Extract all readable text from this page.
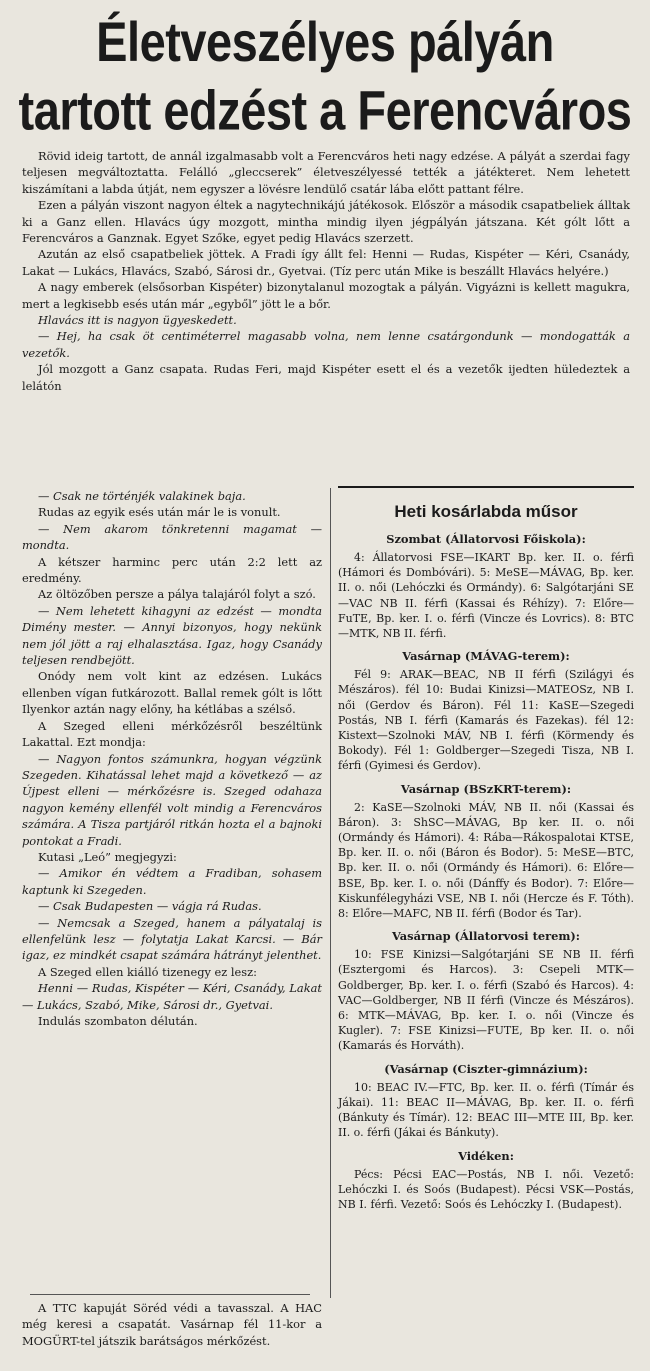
Életveszélyes pályán
tartott edzést a Ferencváros

Rövid ideig tartott, de annál izgalmasabb volt a Ferencváros heti nagy edzése. A pályát a szerdai fagy teljesen megváltoztatta. Felálló „gleccserek” életveszélyessé tették a játékteret. Nem lehetett kiszámítani a labda útját, nem egyszer a lövésre lendülő csatár lába előtt pattant félre.

Ezen a pályán viszont nagyon éltek a nagytechnikájú játékosok. Először a második csapatbeliek álltak ki a Ganz ellen. Hlavács úgy mozgott, mintha mindig ilyen jégpályán játszana. Két gólt lőtt a Ferencváros a Ganznak. Egyet Szőke, egyet pedig Hlavács szerzett.

Azután az első csapatbeliek jöttek. A Fradi így állt fel: Henni — Rudas, Kispéter — Kéri, Csanády, Lakat — Lukács, Hlavács, Szabó, Sárosi dr., Gyetvai. (Tíz perc után Mike is beszállt Hlavács helyére.)

A nagy emberek (elsősorban Kispéter) bizonytalanul mozogtak a pályán. Vigyázni is kellett magukra, mert a legkisebb esés után már „egyből” jött le a bőr.

Hlavács itt is nagyon ügyeskedett.

— Hej, ha csak öt centiméterrel magasabb volna, nem lenne csatárgondunk — mondogatták a vezetők.

Jól mozgott a Ganz csapata. Rudas Feri, majd Kispéter esett el és a vezetők ijedten hüledeztek a lelátón

— Csak ne történjék valakinek baja.

Rudas az egyik esés után már le is vonult.

— Nem akarom tönkretenni magamat — mondta.

A kétszer harminc perc után 2:2 lett az eredmény.

Az öltözőben persze a pálya talajáról folyt a szó.

— Nem lehetett kihagyni az edzést — mondta Dimény mester. — Annyi bizonyos, hogy nekünk nem jól jött a raj elhalasztása. Igaz, hogy Csanády teljesen rendbejött.

Onódy nem volt kint az edzésen. Lukács ellenben vígan futkározott. Ballal remek gólt is lőtt Ilyenkor aztán nagy előny, ha kétlábas a szélső.

A Szeged elleni mérkőzésről beszéltünk Lakattal. Ezt mondja:

— Nagyon fontos számunkra, hogyan végzünk Szegeden. Kihatással lehet majd a következő — az Újpest elleni — mérkőzésre is. Szeged odahaza nagyon kemény ellenfél volt mindig a Ferencváros számára. A Tisza partjáról ritkán hozta el a bajnoki pontokat a Fradi.

Kutasi „Leó” megjegyzi:

— Amikor én védtem a Fradiban, sohasem kaptunk ki Szegeden.

— Csak Budapesten — vágja rá Rudas.

— Nemcsak a Szeged, hanem a pályatalaj is ellenfelünk lesz — folytatja Lakat Karcsi. — Bár igaz, ez mindkét csapat számára hátrányt jelenthet.

A Szeged ellen kiálló tizenegy ez lesz:

Henni — Rudas, Kispéter — Kéri, Csanády, Lakat — Lukács, Szabó, Mike, Sárosi dr., Gyetvai.

Indulás szombaton délután.

A TTC kapuját Söréd védi a tavasszal. A HAC még keresi a csapatát. Vasárnap fél 11-kor a MOGÜRT-tel játszik barátságos mérkőzést.

Heti kosárlabda műsor
Szombat (Állatorvosi Főiskola):

4: Állatorvosi FSE—IKART Bp. ker. II. o. férfi (Hámori és Dombóvári). 5: MeSE—MÁVAG, Bp. ker. II. o. női (Lehóczki és Ormándy). 6: Salgótarjáni SE—VAC NB II. férfi (Kassai és Réhízy). 7: Előre—FuTE, Bp. ker. I. o. férfi (Vincze és Lovrics). 8: BTC—MTK, NB II. férfi.

Vasárnap (MÁVAG-terem):

Fél 9: ARAK—BEAC, NB II férfi (Szilágyi és Mészáros). fél 10: Budai Kinizsi—MATEOSz, NB I. női (Gerdov és Báron). Fél 11: KaSE—Szegedi Postás, NB I. férfi (Kamarás és Fazekas). fél 12: Kistext—Szolnoki MÁV, NB I. férfi (Körmendy és Bokody). Fél 1: Goldberger—Szegedi Tisza, NB I. férfi (Gyimesi és Gerdov).

Vasárnap (BSzKRT-terem):

2: KaSE—Szolnoki MÁV, NB II. női (Kassai és Báron). 3: ShSC—MÁVAG, Bp ker. II. o. női (Ormándy és Hámori). 4: Rába—Rákospalotai KTSE, Bp. ker. II. o. női (Báron és Bodor). 5: MeSE—BTC, Bp. ker. II. o. női (Ormándy és Hámori). 6: Előre—BSE, Bp. ker. I. o. női (Dánffy és Bodor). 7: Előre—Kiskunfélegyházi VSE, NB I. női (Hercze és F. Tóth). 8: Előre—MAFC, NB II. férfi (Bodor és Tar).

Vasárnap (Állatorvosi terem):

10: FSE Kinizsi—Salgótarjáni SE NB II. férfi (Esztergomi és Harcos). 3: Csepeli MTK—Goldberger, Bp. ker. I. o. férfi (Szabó és Harcos). 4: VAC—Goldberger, NB II férfi (Vincze és Mészáros). 6: MTK—MÁVAG, Bp. ker. I. o. női (Vincze és Kugler). 7: FSE Kinizsi—FUTE, Bp ker. II. o. női (Kamarás és Horváth).

(Vasárnap (Ciszter-gimnázium):

10: BEAC IV.—FTC, Bp. ker. II. o. férfi (Tímár és Jákai). 11: BEAC II—MÁVAG, Bp. ker. II. o. férfi (Bánkuty és Tímár). 12: BEAC III—MTE III, Bp. ker. II. o. férfi (Jákai és Bánkuty).

Vidéken:

Pécs: Pécsi EAC—Postás, NB I. női. Vezető: Lehóczki I. és Soós (Budapest). Pécsi VSK—Postás, NB I. férfi. Vezető: Soós és Lehóczky I. (Budapest).
